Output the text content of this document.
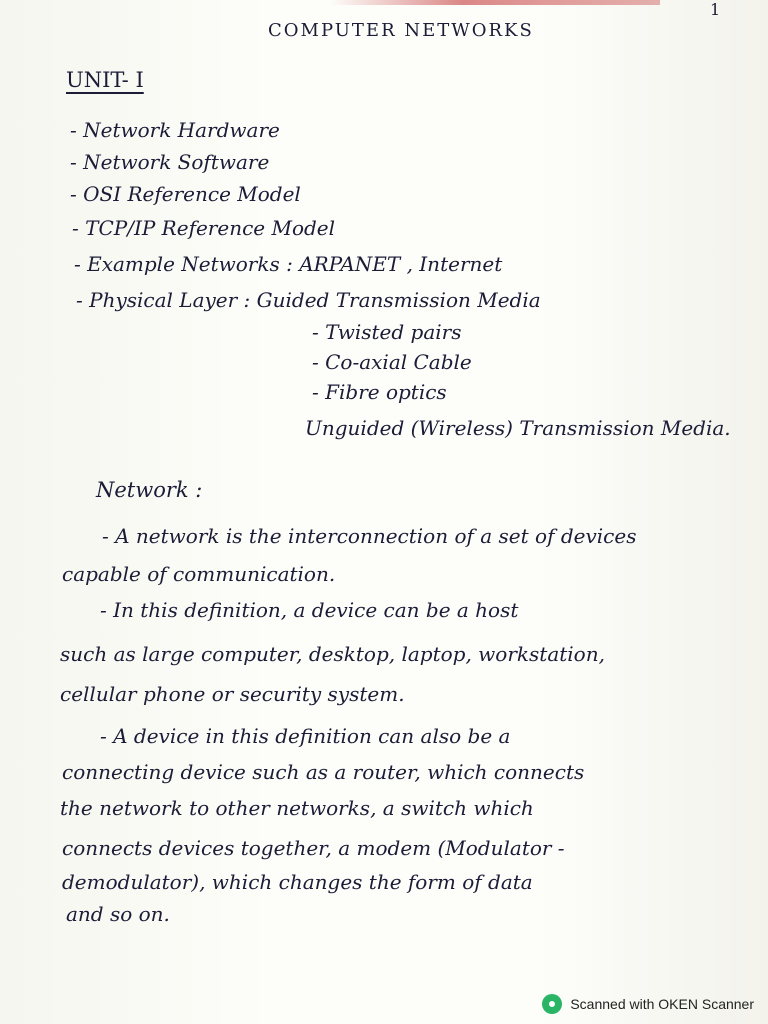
COMPUTER NETWORKS
1
UNIT- I
- Network Hardware
- Network Software
- OSI Reference Model
- TCP/IP Reference Model
- Example Networks : ARPANET , Internet
- Physical Layer : Guided Transmission Media
- Twisted pairs
- Co-axial Cable
- Fibre optics
Unguided (Wireless) Transmission Media.
Network :
- A network is the interconnection of a set of devices
capable of communication.
- In this definition, a device can be a host
such as large computer, desktop, laptop, workstation,
cellular phone or security system.
- A device in this definition can also be a
connecting device such as a router, which connects
the network to other networks, a switch which
connects devices together, a modem (Modulator -
demodulator), which changes the form of data
and so on.
Scanned with OKEN Scanner
